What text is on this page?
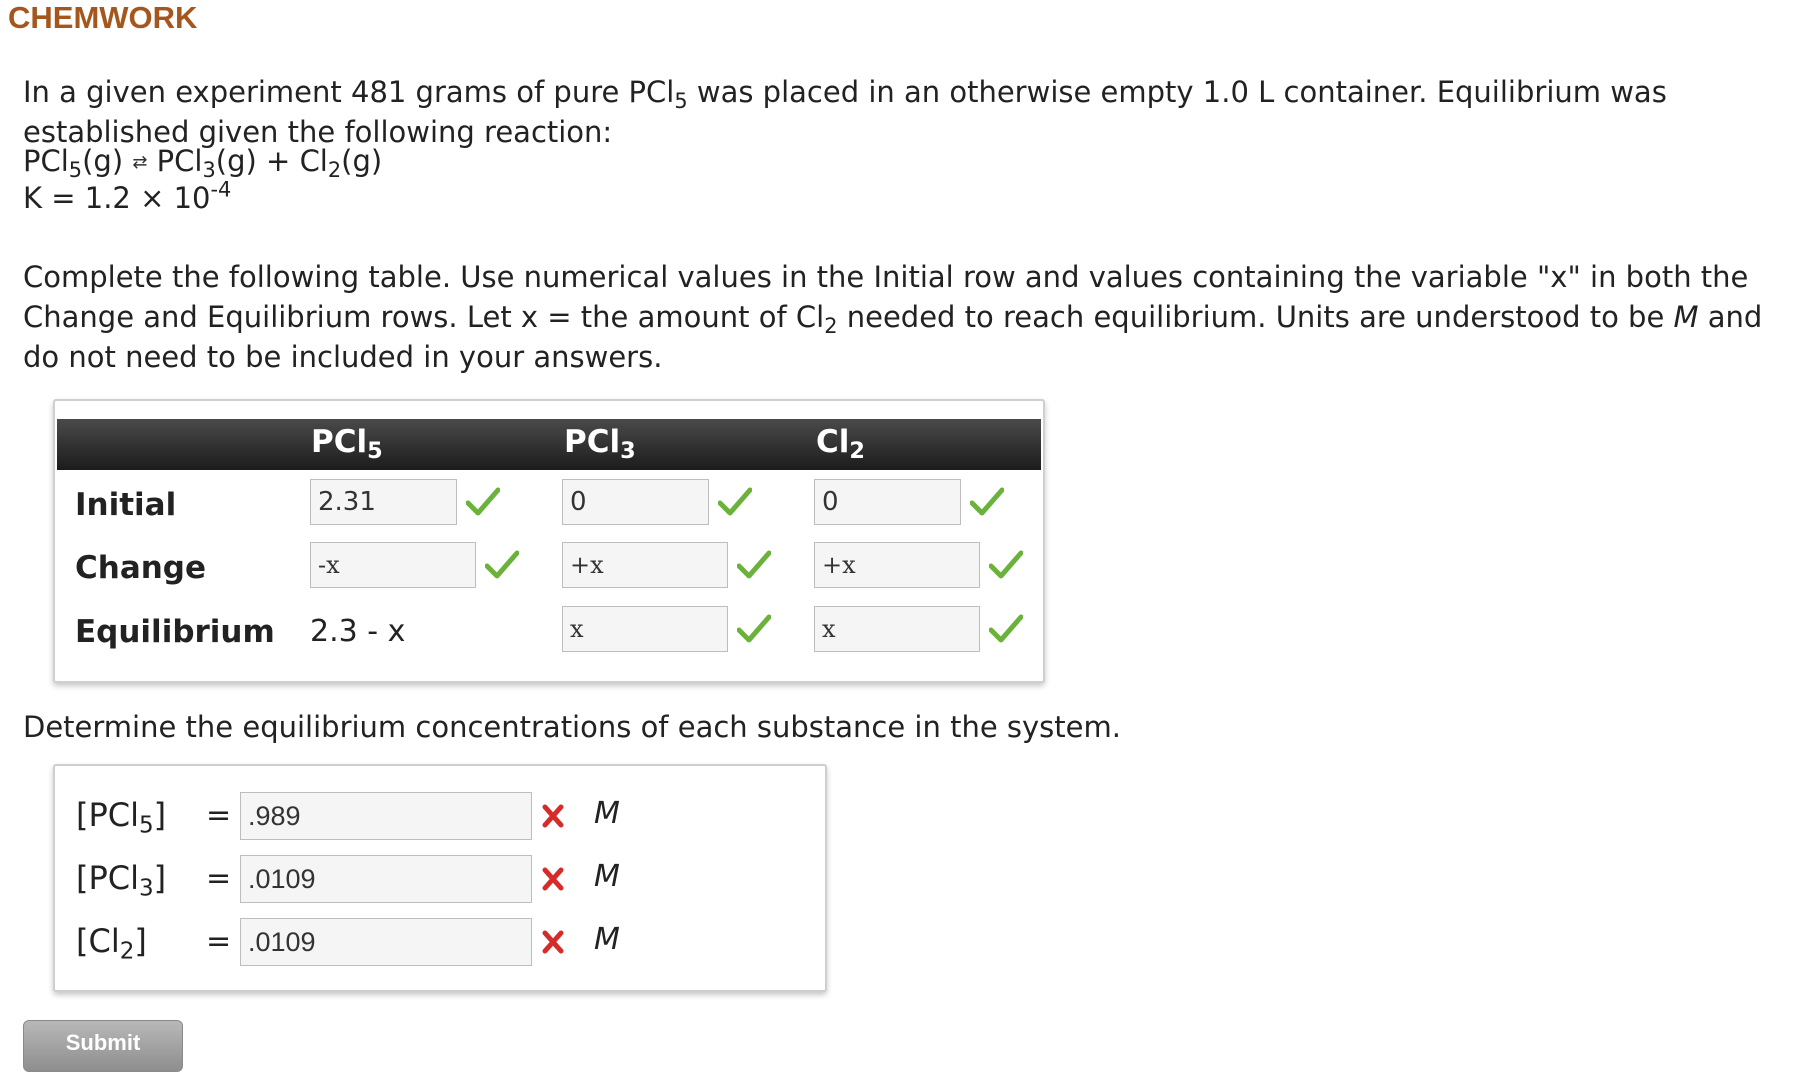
CHEMWORK
In a given experiment 481 grams of pure PCl$_5$ was placed in an otherwise empty 1.0 L container. Equilibrium was established given the following reaction:
PCl$_5$(g) ⇄ $PCl_3(g) + Cl_2(g)$
$K = 1.2 \times 10^{-4}$
Complete the following table. Use numerical values in the Initial row and values containing the variable "x" in both the Change and Equilibrium rows. Let x = the amount of $Cl_2$ needed to reach equilibrium. Units are understood to be M and do not need to be included in your answers.
PCl$_5$	PCl$_3$	$Cl_2$
Initial	2.31	0	0
Change	-x	+x	+x
Equilibrium 2.3 - x	x	x
Determine the equilibrium concentrations of each substance in the system.
[PCl$_5$] = .989	M
[PCl$_3$] = .0109	M
$[Cl_2] = .0109$	M
Submit
